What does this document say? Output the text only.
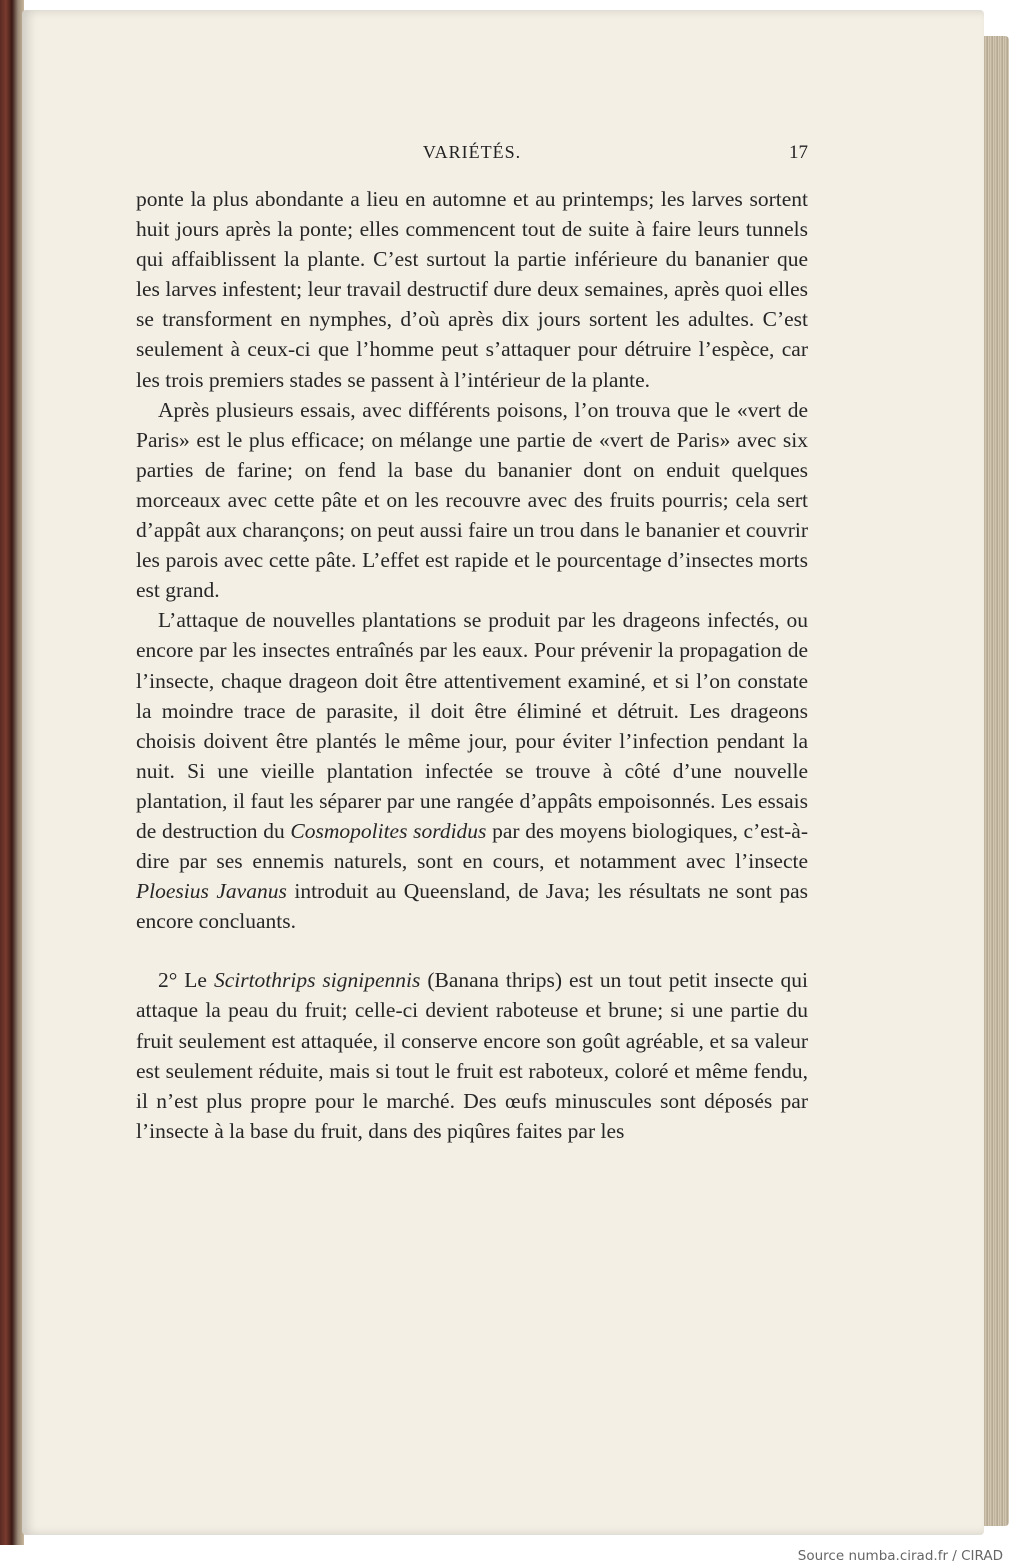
VARIÉTÉS.	17

ponte la plus abondante a lieu en automne et au printemps; les larves sortent huit jours après la ponte; elles commencent tout de suite à faire leurs tunnels qui affaiblissent la plante. C’est surtout la partie inférieure du bananier que les larves infestent; leur travail destructif dure deux semaines, après quoi elles se transforment en nymphes, d’où après dix jours sortent les adultes. C’est seulement à ceux-ci que l’homme peut s’attaquer pour détruire l’espèce, car les trois premiers stades se passent à l’intérieur de la plante.

Après plusieurs essais, avec différents poisons, l’on trouva que le «vert de Paris» est le plus efficace; on mélange une partie de «vert de Paris» avec six parties de farine; on fend la base du bananier dont on enduit quelques morceaux avec cette pâte et on les recouvre avec des fruits pourris; cela sert d’appât aux charançons; on peut aussi faire un trou dans le bananier et couvrir les parois avec cette pâte. L’effet est rapide et le pourcentage d’insectes morts est grand.

L’attaque de nouvelles plantations se produit par les drageons infectés, ou encore par les insectes entraînés par les eaux. Pour prévenir la propagation de l’insecte, chaque drageon doit être attentivement examiné, et si l’on constate la moindre trace de parasite, il doit être éliminé et détruit. Les drageons choisis doivent être plantés le même jour, pour éviter l’infection pendant la nuit. Si une vieille plantation infectée se trouve à côté d’une nouvelle plantation, il faut les séparer par une rangée d’appâts empoisonnés. Les essais de destruction du Cosmopolites sordidus par des moyens biologiques, c’est-à-dire par ses ennemis naturels, sont en cours, et notamment avec l’insecte Ploesius Javanus introduit au Queensland, de Java; les résultats ne sont pas encore concluants.

2° Le Scirtothrips signipennis (Banana thrips) est un tout petit insecte qui attaque la peau du fruit; celle-ci devient raboteuse et brune; si une partie du fruit seulement est attaquée, il conserve encore son goût agréable, et sa valeur est seulement réduite, mais si tout le fruit est raboteux, coloré et même fendu, il n’est plus propre pour le marché. Des œufs minuscules sont déposés par l’insecte à la base du fruit, dans des piqûres faites par les

Source numba.cirad.fr / CIRAD
